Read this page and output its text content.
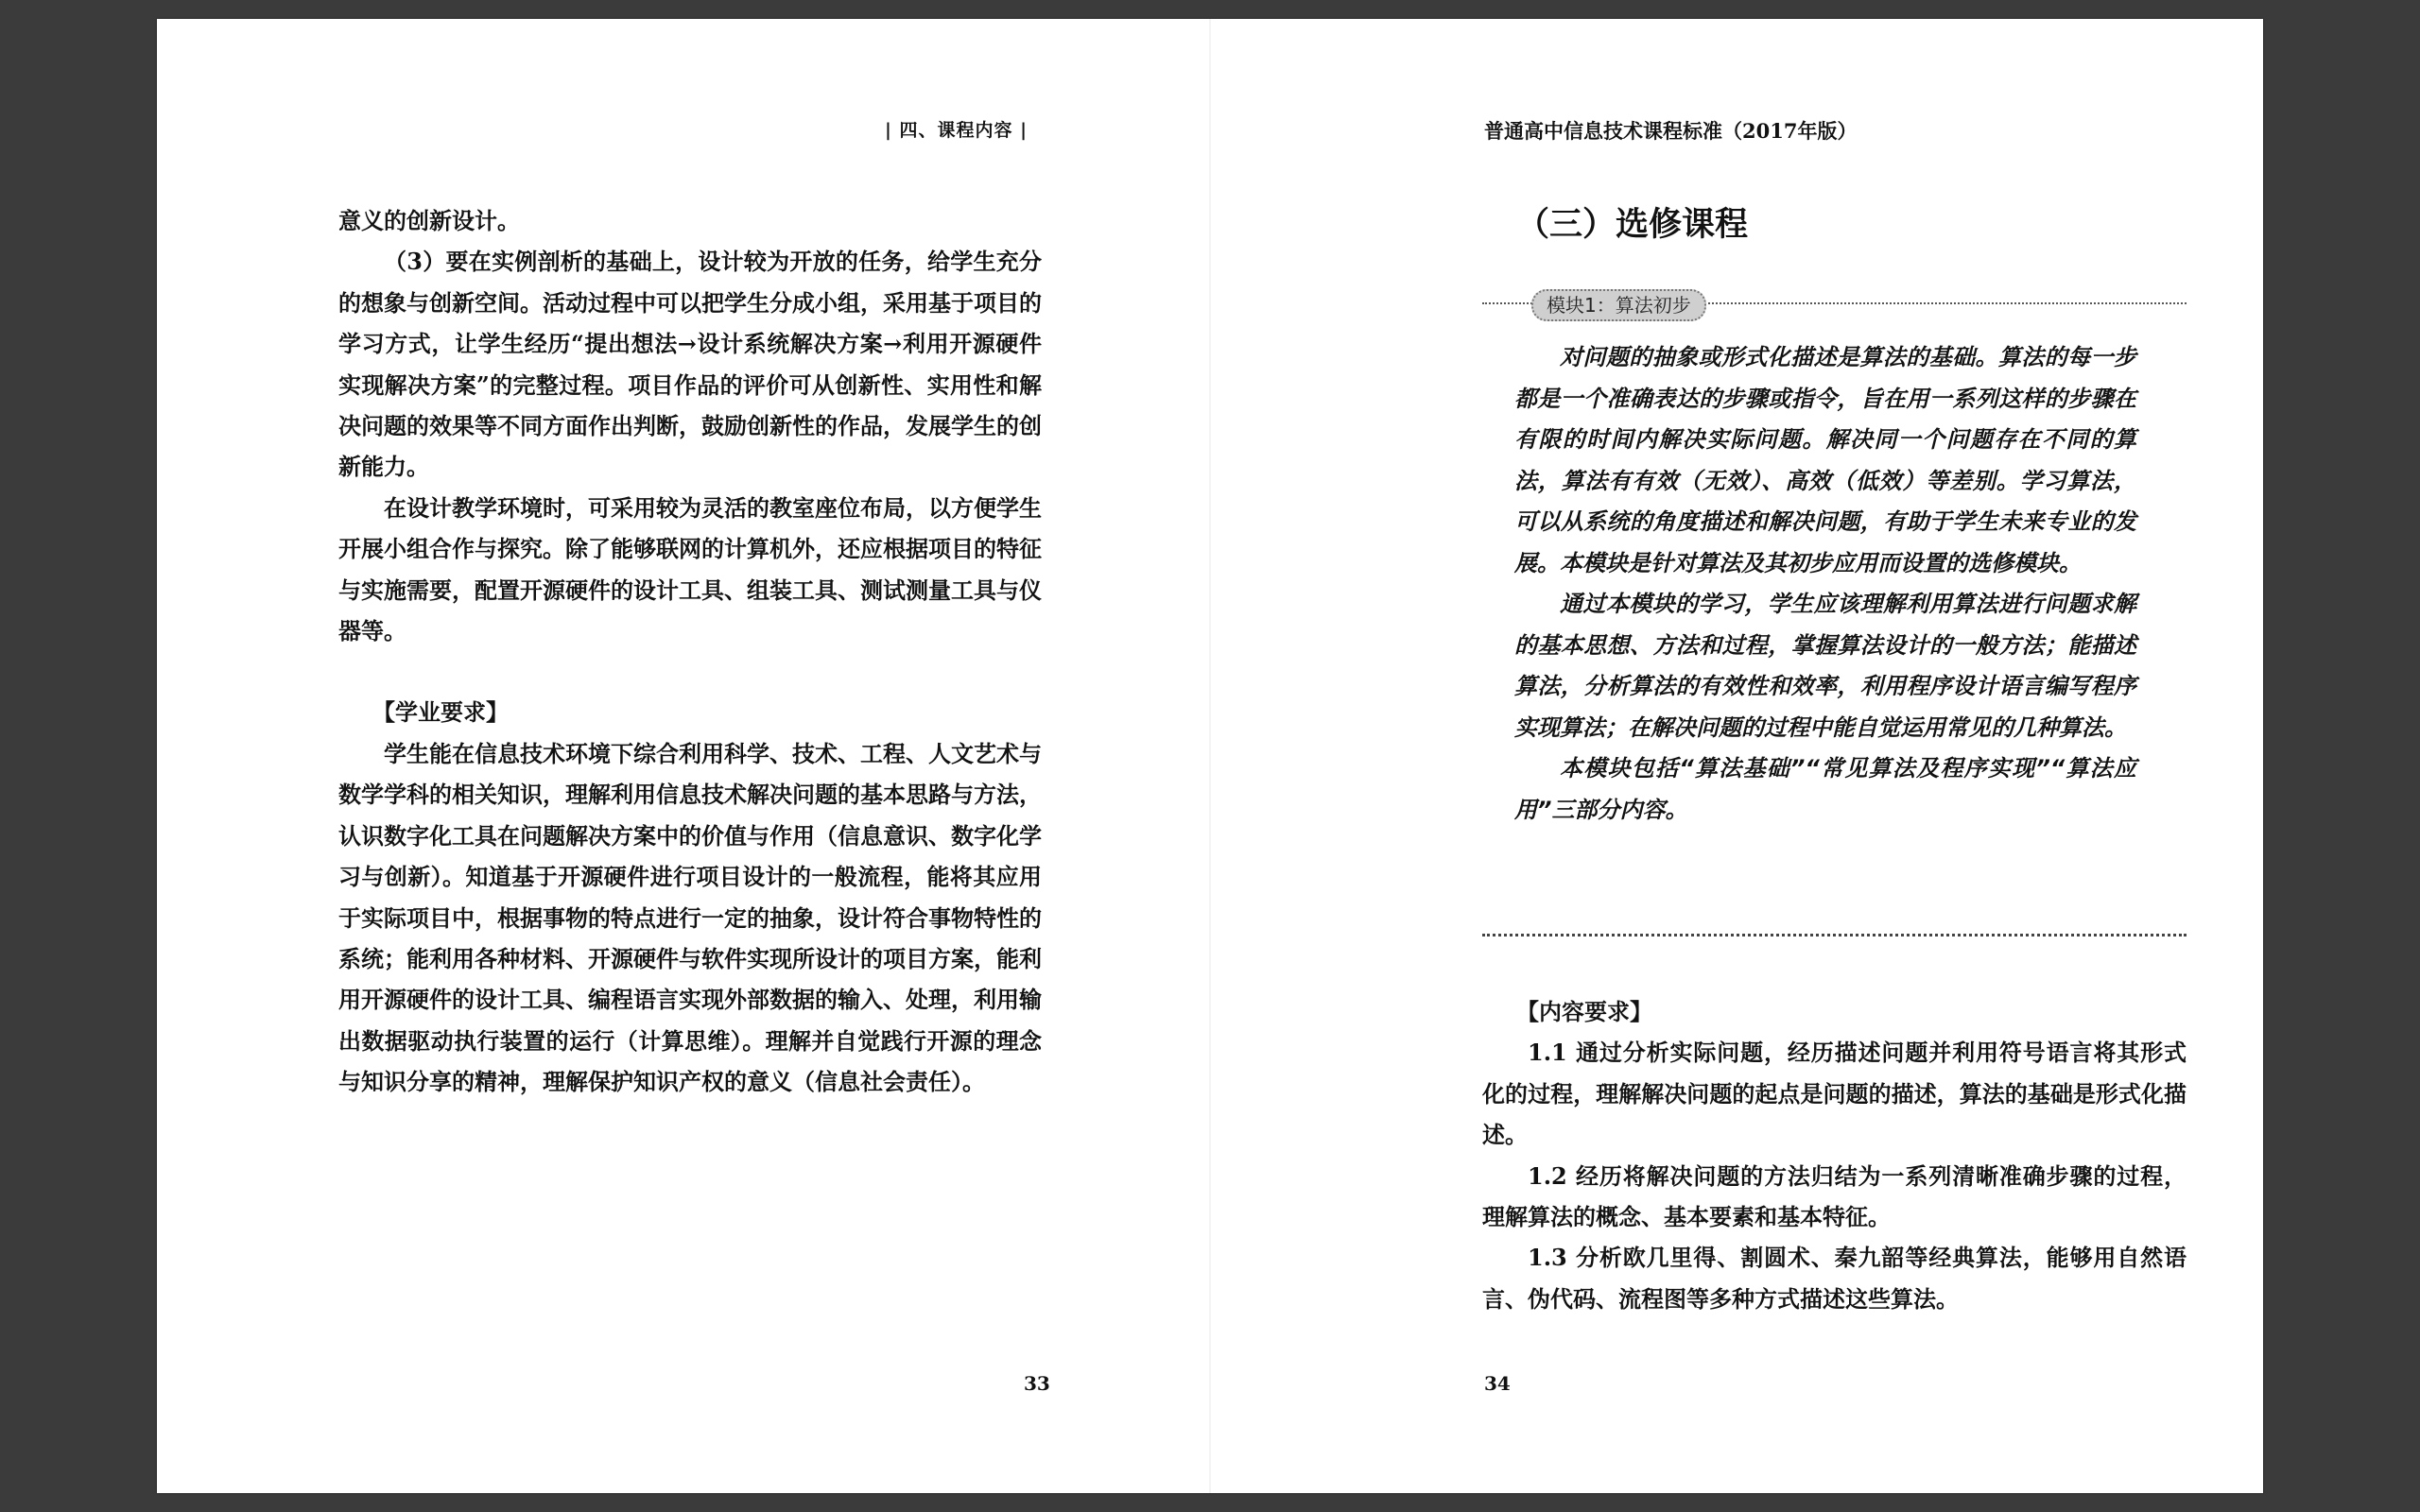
| 四、课程内容 |

意义的创新设计。

（3）要在实例剖析的基础上，设计较为开放的任务，给学生充分的想象与创新空间。活动过程中可以把学生分成小组，采用基于项目的学习方式，让学生经历“提出想法→设计系统解决方案→利用开源硬件实现解决方案”的完整过程。项目作品的评价可从创新性、实用性和解决问题的效果等不同方面作出判断，鼓励创新性的作品，发展学生的创新能力。

在设计教学环境时，可采用较为灵活的教室座位布局，以方便学生开展小组合作与探究。除了能够联网的计算机外，还应根据项目的特征与实施需要，配置开源硬件的设计工具、组装工具、测试测量工具与仪器等。

【学业要求】

学生能在信息技术环境下综合利用科学、技术、工程、人文艺术与数学学科的相关知识，理解利用信息技术解决问题的基本思路与方法，认识数字化工具在问题解决方案中的价值与作用（信息意识、数字化学习与创新）。知道基于开源硬件进行项目设计的一般流程，能将其应用于实际项目中，根据事物的特点进行一定的抽象，设计符合事物特性的系统；能利用各种材料、开源硬件与软件实现所设计的项目方案，能利用开源硬件的设计工具、编程语言实现外部数据的输入、处理，利用输出数据驱动执行装置的运行（计算思维）。理解并自觉践行开源的理念与知识分享的精神，理解保护知识产权的意义（信息社会责任）。

33
普通高中信息技术课程标准（2017年版）
（三）选修课程
模块1：算法初步

对问题的抽象或形式化描述是算法的基础。算法的每一步都是一个准确表达的步骤或指令，旨在用一系列这样的步骤在有限的时间内解决实际问题。解决同一个问题存在不同的算法，算法有有效（无效）、高效（低效）等差别。学习算法，可以从系统的角度描述和解决问题，有助于学生未来专业的发展。本模块是针对算法及其初步应用而设置的选修模块。

通过本模块的学习，学生应该理解利用算法进行问题求解的基本思想、方法和过程，掌握算法设计的一般方法；能描述算法，分析算法的有效性和效率，利用程序设计语言编写程序实现算法；在解决问题的过程中能自觉运用常见的几种算法。

本模块包括“算法基础”“常见算法及程序实现”“算法应用”三部分内容。

【内容要求】

1.1 通过分析实际问题，经历描述问题并利用符号语言将其形式化的过程，理解解决问题的起点是问题的描述，算法的基础是形式化描述。

1.2 经历将解决问题的方法归结为一系列清晰准确步骤的过程，理解算法的概念、基本要素和基本特征。

1.3 分析欧几里得、割圆术、秦九韶等经典算法，能够用自然语言、伪代码、流程图等多种方式描述这些算法。

34
